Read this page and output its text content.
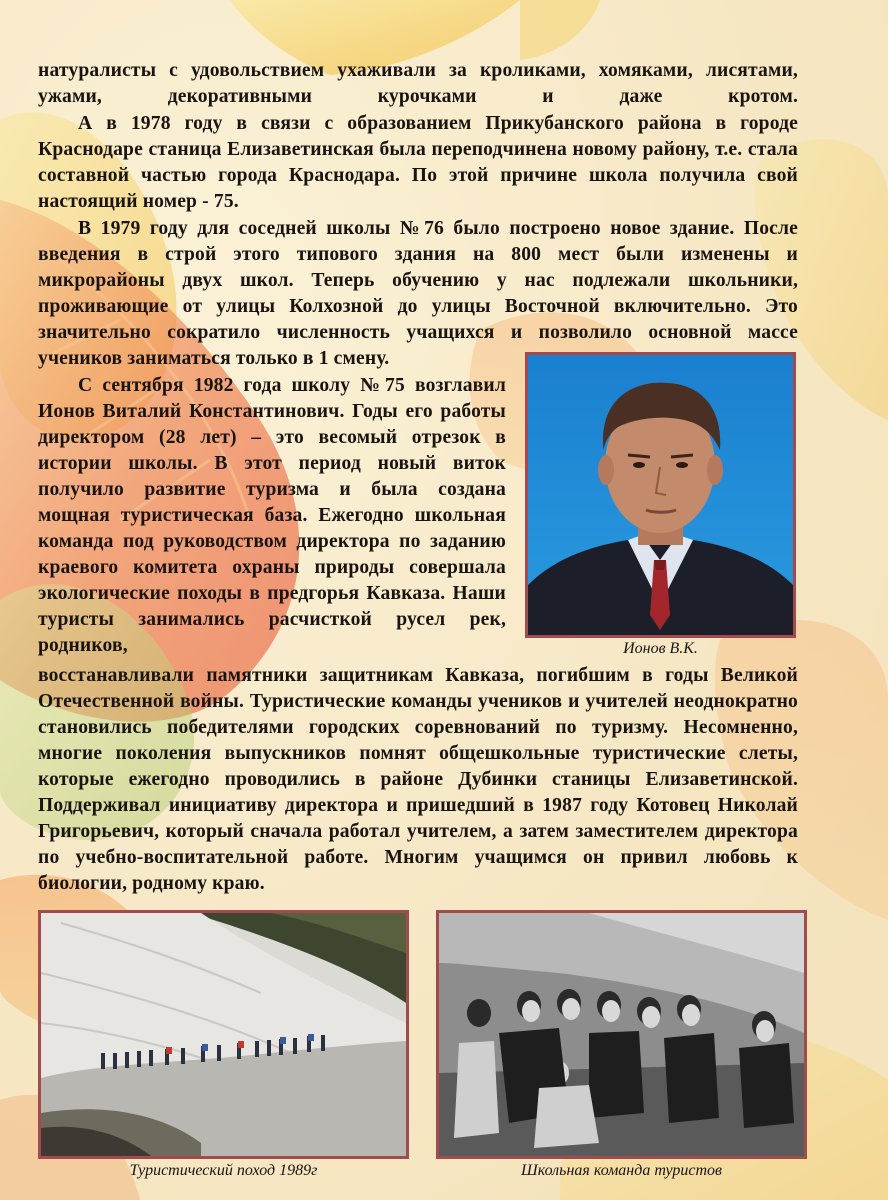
натуралисты с удовольствием ухаживали за кроликами, хомяками, лисятами, ужами, декоративными курочками и даже кротом.

А в 1978 году в связи с образованием Прикубанского района в городе Краснодаре станица Елизаветинская была переподчинена новому району, т.е. стала составной частью города Краснодара. По этой причине школа получила свой настоящий номер - 75.

В 1979 году для соседней школы №76 было построено новое здание. После введения в строй этого типового здания на 800 мест были изменены и микрорайоны двух школ. Теперь обучению у нас подлежали школьники, проживающие от улицы Колхозной до улицы Восточной включительно. Это значительно сократило численность учащихся и позволило основной массе учеников заниматься только в 1 смену.

С сентября 1982 года школу №75 возглавил Ионов Виталий Константинович. Годы его работы директором (28 лет) – это весомый отрезок в истории школы. В этот период новый виток получило развитие туризма и была создана мощная туристическая база. Ежегодно школьная команда под руководством директора по заданию краевого комитета охраны природы совершала экологические походы в предгорья Кавказа. Наши туристы занимались расчисткой русел рек, родников,

восстанавливали памятники защитникам Кавказа, погибшим в годы Великой Отечественной войны. Туристические команды учеников и учителей неоднократно становились победителями городских соревнований по туризму. Несомненно, многие поколения выпускников помнят общешкольные туристические слеты, которые ежегодно проводились в районе Дубинки станицы Елизаветинской. Поддерживал инициативу директора и пришедший в 1987 году Котовец Николай Григорьевич, который сначала работал учителем, а затем заместителем директора по учебно-воспитательной работе. Многим учащимся он привил любовь к биологии, родному краю.

Ионов В.К.

Туристический поход 1989г	Школьная команда туристов
